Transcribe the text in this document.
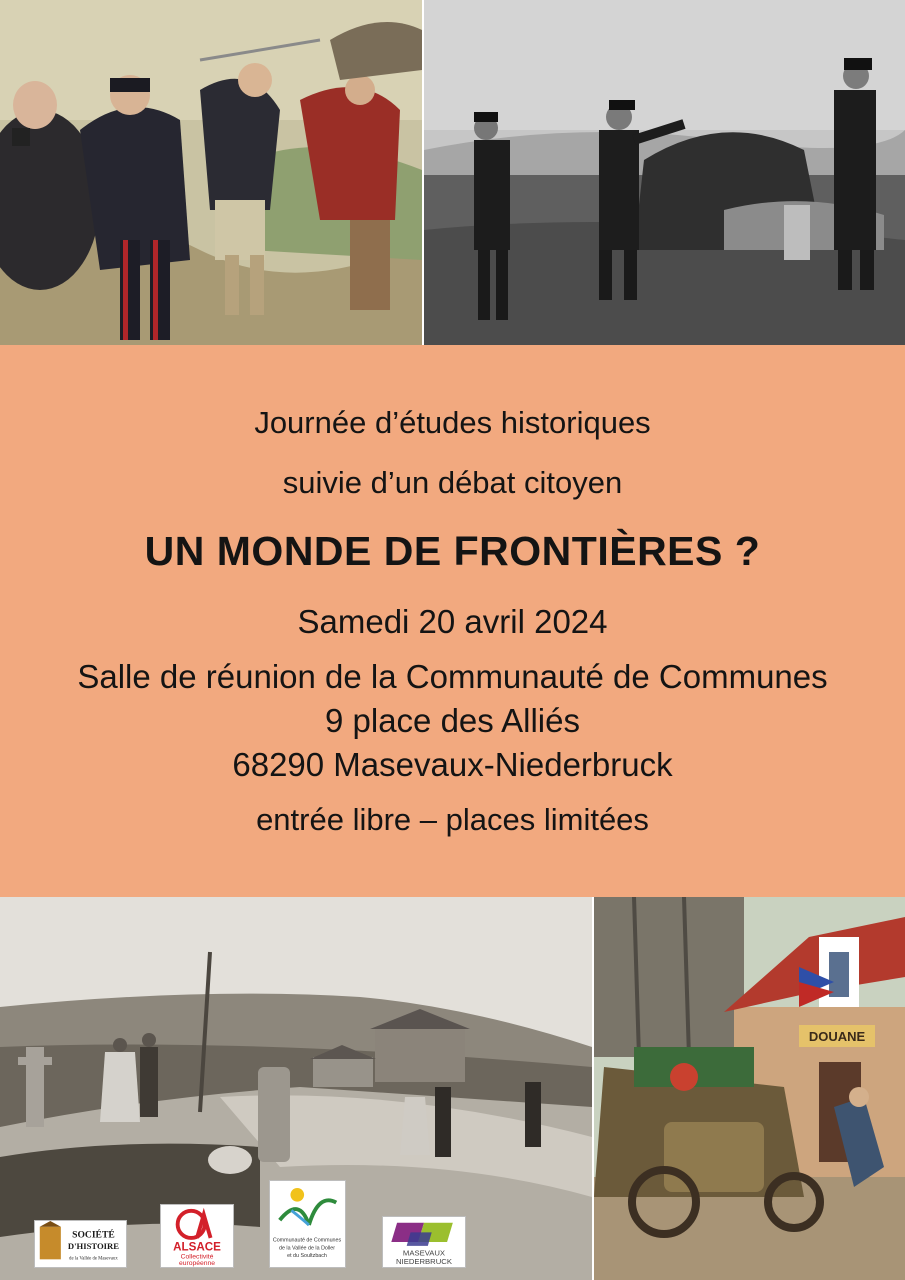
Journée d’études historiques
suivie d’un débat citoyen
UN MONDE DE FRONTIÈRES ?
Samedi 20 avril 2024
Salle de réunion de la Communauté de Communes
9 place des Alliés
68290 Masevaux-Niederbruck
entrée libre – places limitées
DOUANE
SOCIÉTÉ
D'HISTOIRE
de la Vallée de Masevaux
ALSACE
Collectivité
européenne
Communauté de Communes
de la Vallée de la Doller
et du Soultzbach	MASEVAUX
NIEDERBRUCK
